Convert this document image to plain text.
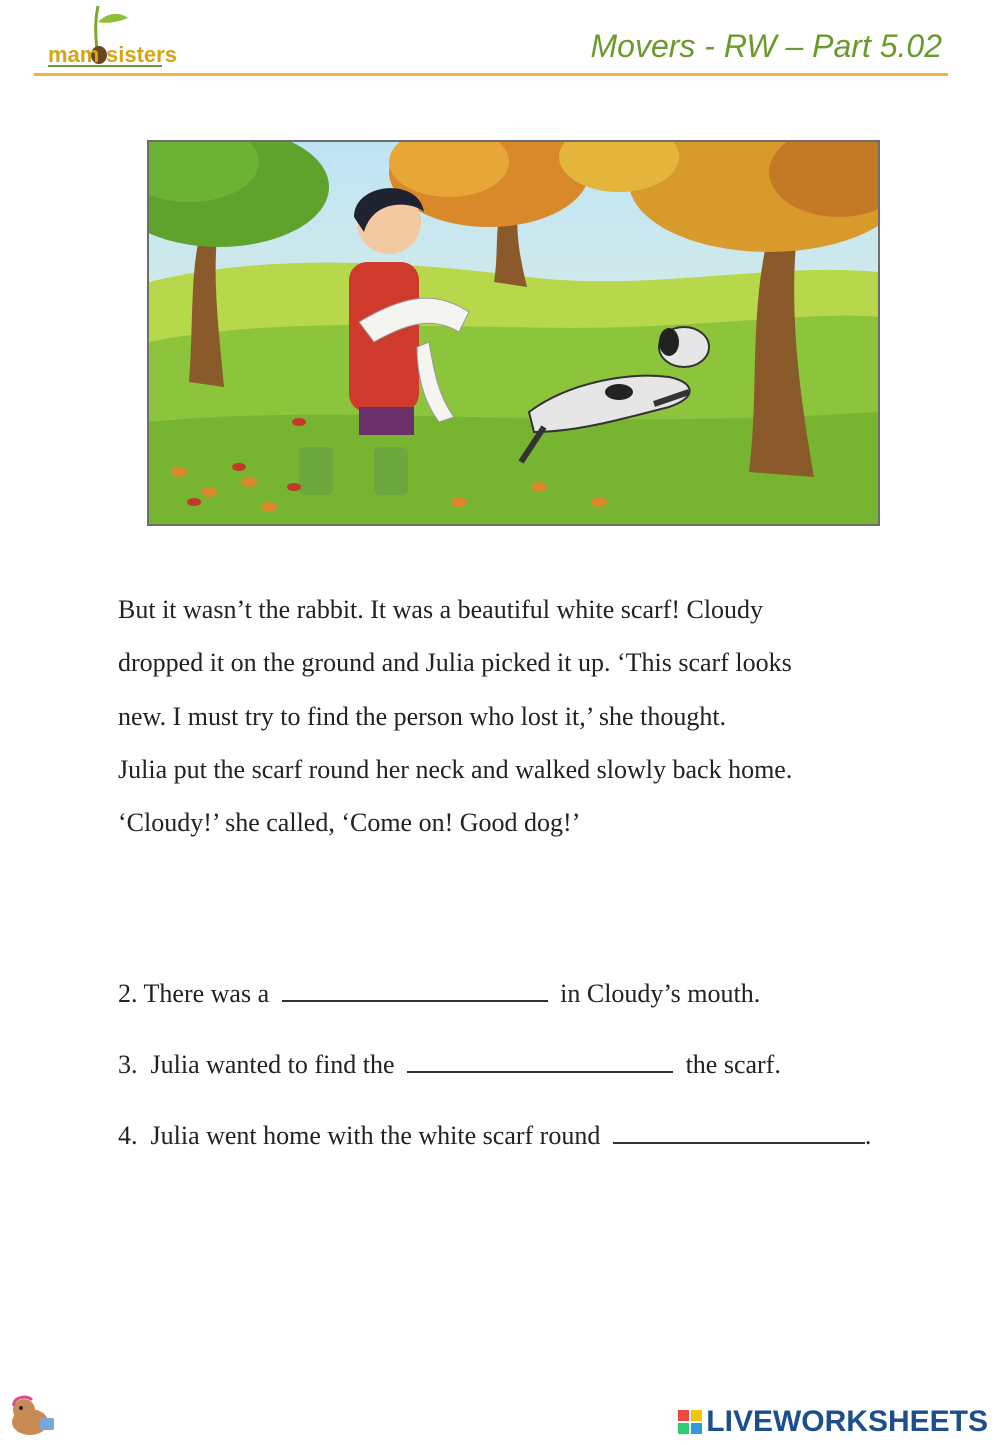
mam sisters	Movers - RW – Part 5.02

But it wasn’t the rabbit. It was a beautiful white scarf! Cloudy
dropped it on the ground and Julia picked it up. ‘This scarf looks
new. I must try to find the person who lost it,’ she thought.
Julia put the scarf round her neck and walked slowly back home.
‘Cloudy!’ she called, ‘Come on! Good dog!’

2. There was a	in Cloudy’s mouth.
3. Julia wanted to find the	the scarf.
4. Julia went home with the white scarf round	.
LIVEWORKSHEETS
